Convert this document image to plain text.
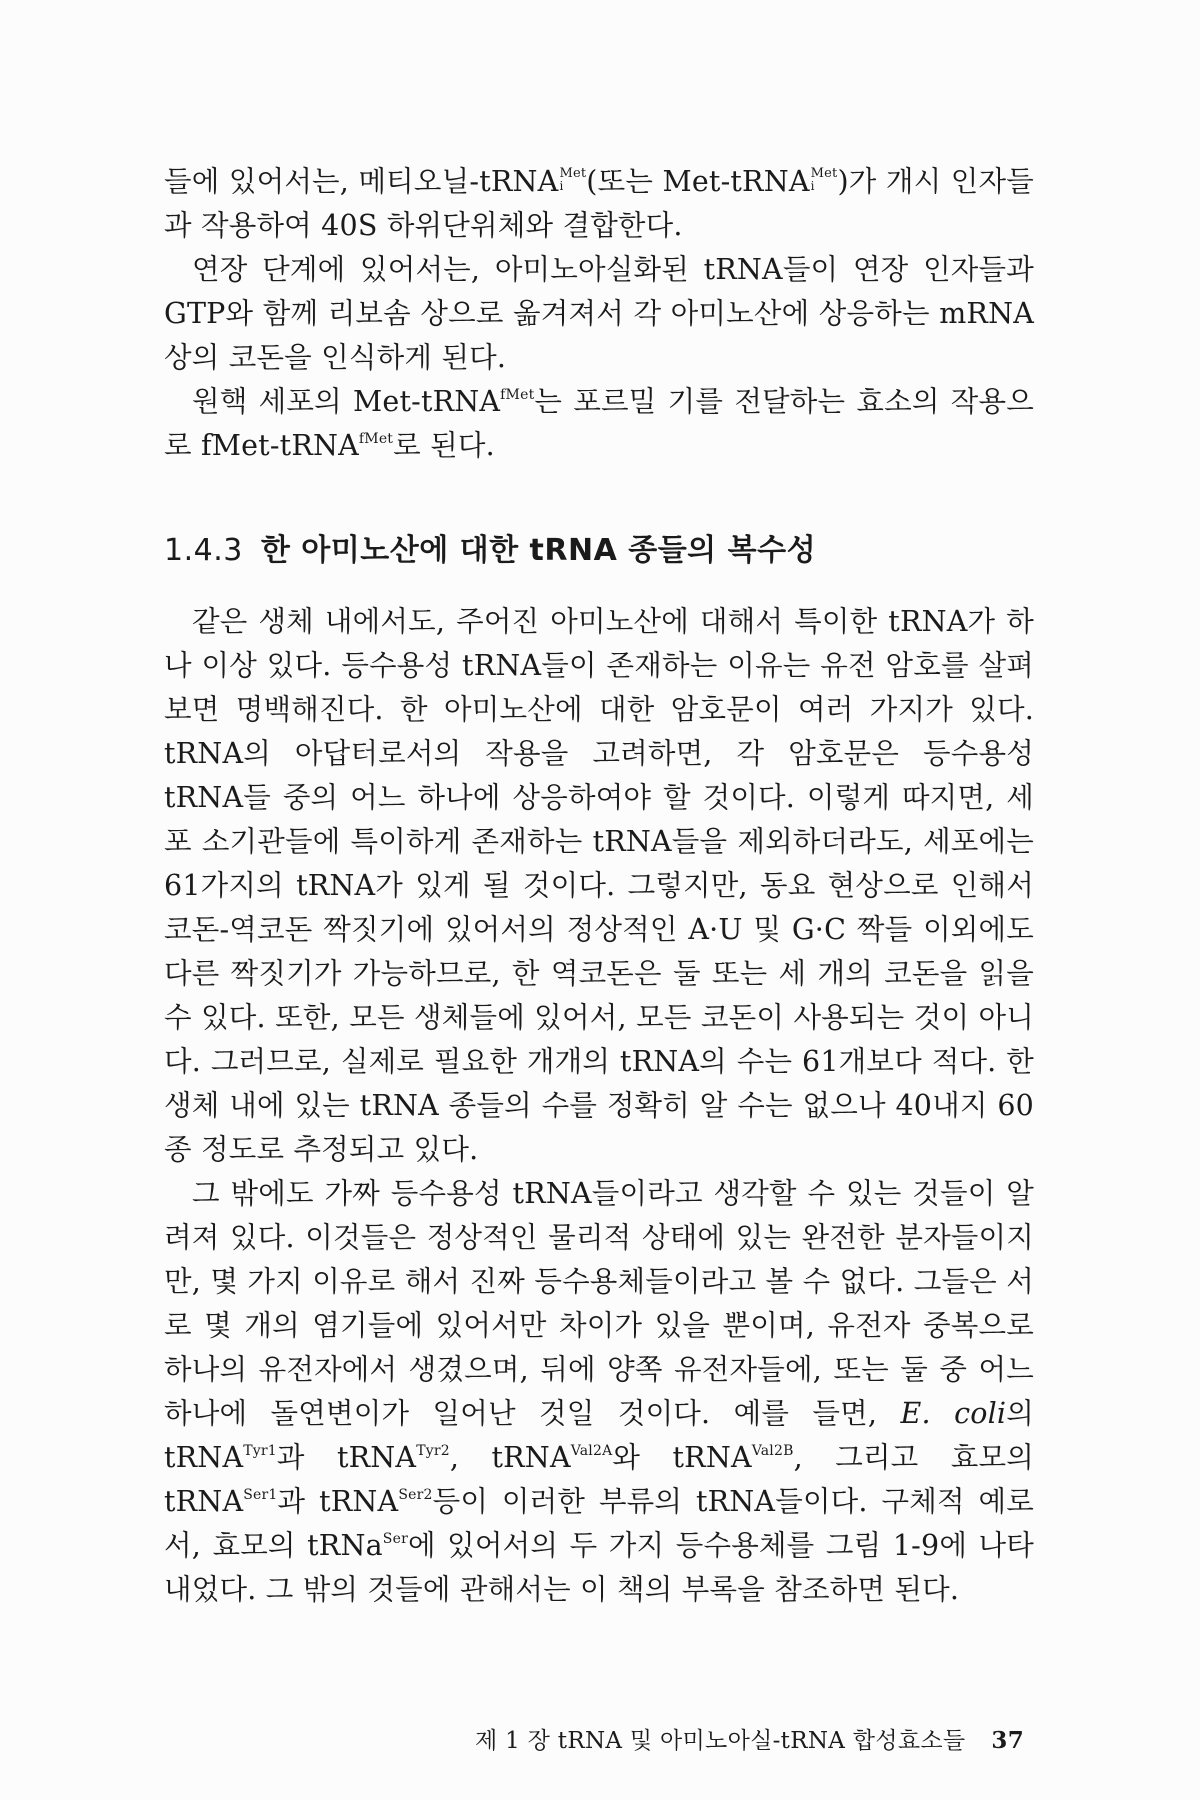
들에 있어서는, 메티오닐-tRNA Met
i (또는 Met-tRNA Met
i )가 개시 인자들과 작용하여 40S 하위단위체와 결합한다.

연장 단계에 있어서는, 아미노아실화된 tRNA들이 연장 인자들과 GTP와 함께 리보솜 상으로 옮겨져서 각 아미노산에 상응하는 mRNA 상의 코돈을 인식하게 된다.

원핵 세포의 Met-tRNA$^{fMet}$는 포르밀 기를 전달하는 효소의 작용으로 fMet-tRNA$^{fMet}$로 된다.

1.4.3 한 아미노산에 대한 tRNA 종들의 복수성

같은 생체 내에서도, 주어진 아미노산에 대해서 특이한 tRNA가 하나 이상 있다. 등수용성 tRNA들이 존재하는 이유는 유전 암호를 살펴보면 명백해진다. 한 아미노산에 대한 암호문이 여러 가지가 있다. tRNA의 아답터로서의 작용을 고려하면, 각 암호문은 등수용성 tRNA들 중의 어느 하나에 상응하여야 할 것이다. 이렇게 따지면, 세포 소기관들에 특이하게 존재하는 tRNA들을 제외하더라도, 세포에는 61가지의 tRNA가 있게 될 것이다. 그렇지만, 동요 현상으로 인해서 코돈-역코돈 짝짓기에 있어서의 정상적인 A·U 및 G·C 짝들 이외에도 다른 짝짓기가 가능하므로, 한 역코돈은 둘 또는 세 개의 코돈을 읽을 수 있다. 또한, 모든 생체들에 있어서, 모든 코돈이 사용되는 것이 아니다. 그러므로, 실제로 필요한 개개의 tRNA의 수는 61개보다 적다. 한 생체 내에 있는 tRNA 종들의 수를 정확히 알 수는 없으나 40내지 60종 정도로 추정되고 있다.

그 밖에도 가짜 등수용성 tRNA들이라고 생각할 수 있는 것들이 알려져 있다. 이것들은 정상적인 물리적 상태에 있는 완전한 분자들이지만, 몇 가지 이유로 해서 진짜 등수용체들이라고 볼 수 없다. 그들은 서로 몇 개의 염기들에 있어서만 차이가 있을 뿐이며, 유전자 중복으로 하나의 유전자에서 생겼으며, 뒤에 양쪽 유전자들에, 또는 둘 중 어느 하나에 돌연변이가 일어난 것일 것이다. 예를 들면, E. coli의 tRNA$^{Tyr1}$과 tRNA$^{Tyr2}$, tRNA$^{Val2A}$와 tRNA$^{Val2B}$, 그리고 효모의 tRNA$^{Ser1}$과 tRNA$^{Ser2}$등이 이러한 부류의 tRNA들이다. 구체적 예로서, 효모의 tRNa$^{Ser}$에 있어서의 두 가지 등수용체를 그림 1-9에 나타내었다. 그 밖의 것들에 관해서는 이 책의 부록을 참조하면 된다.

제 1 장 tRNA 및 아미노아실-tRNA 합성효소들 37
